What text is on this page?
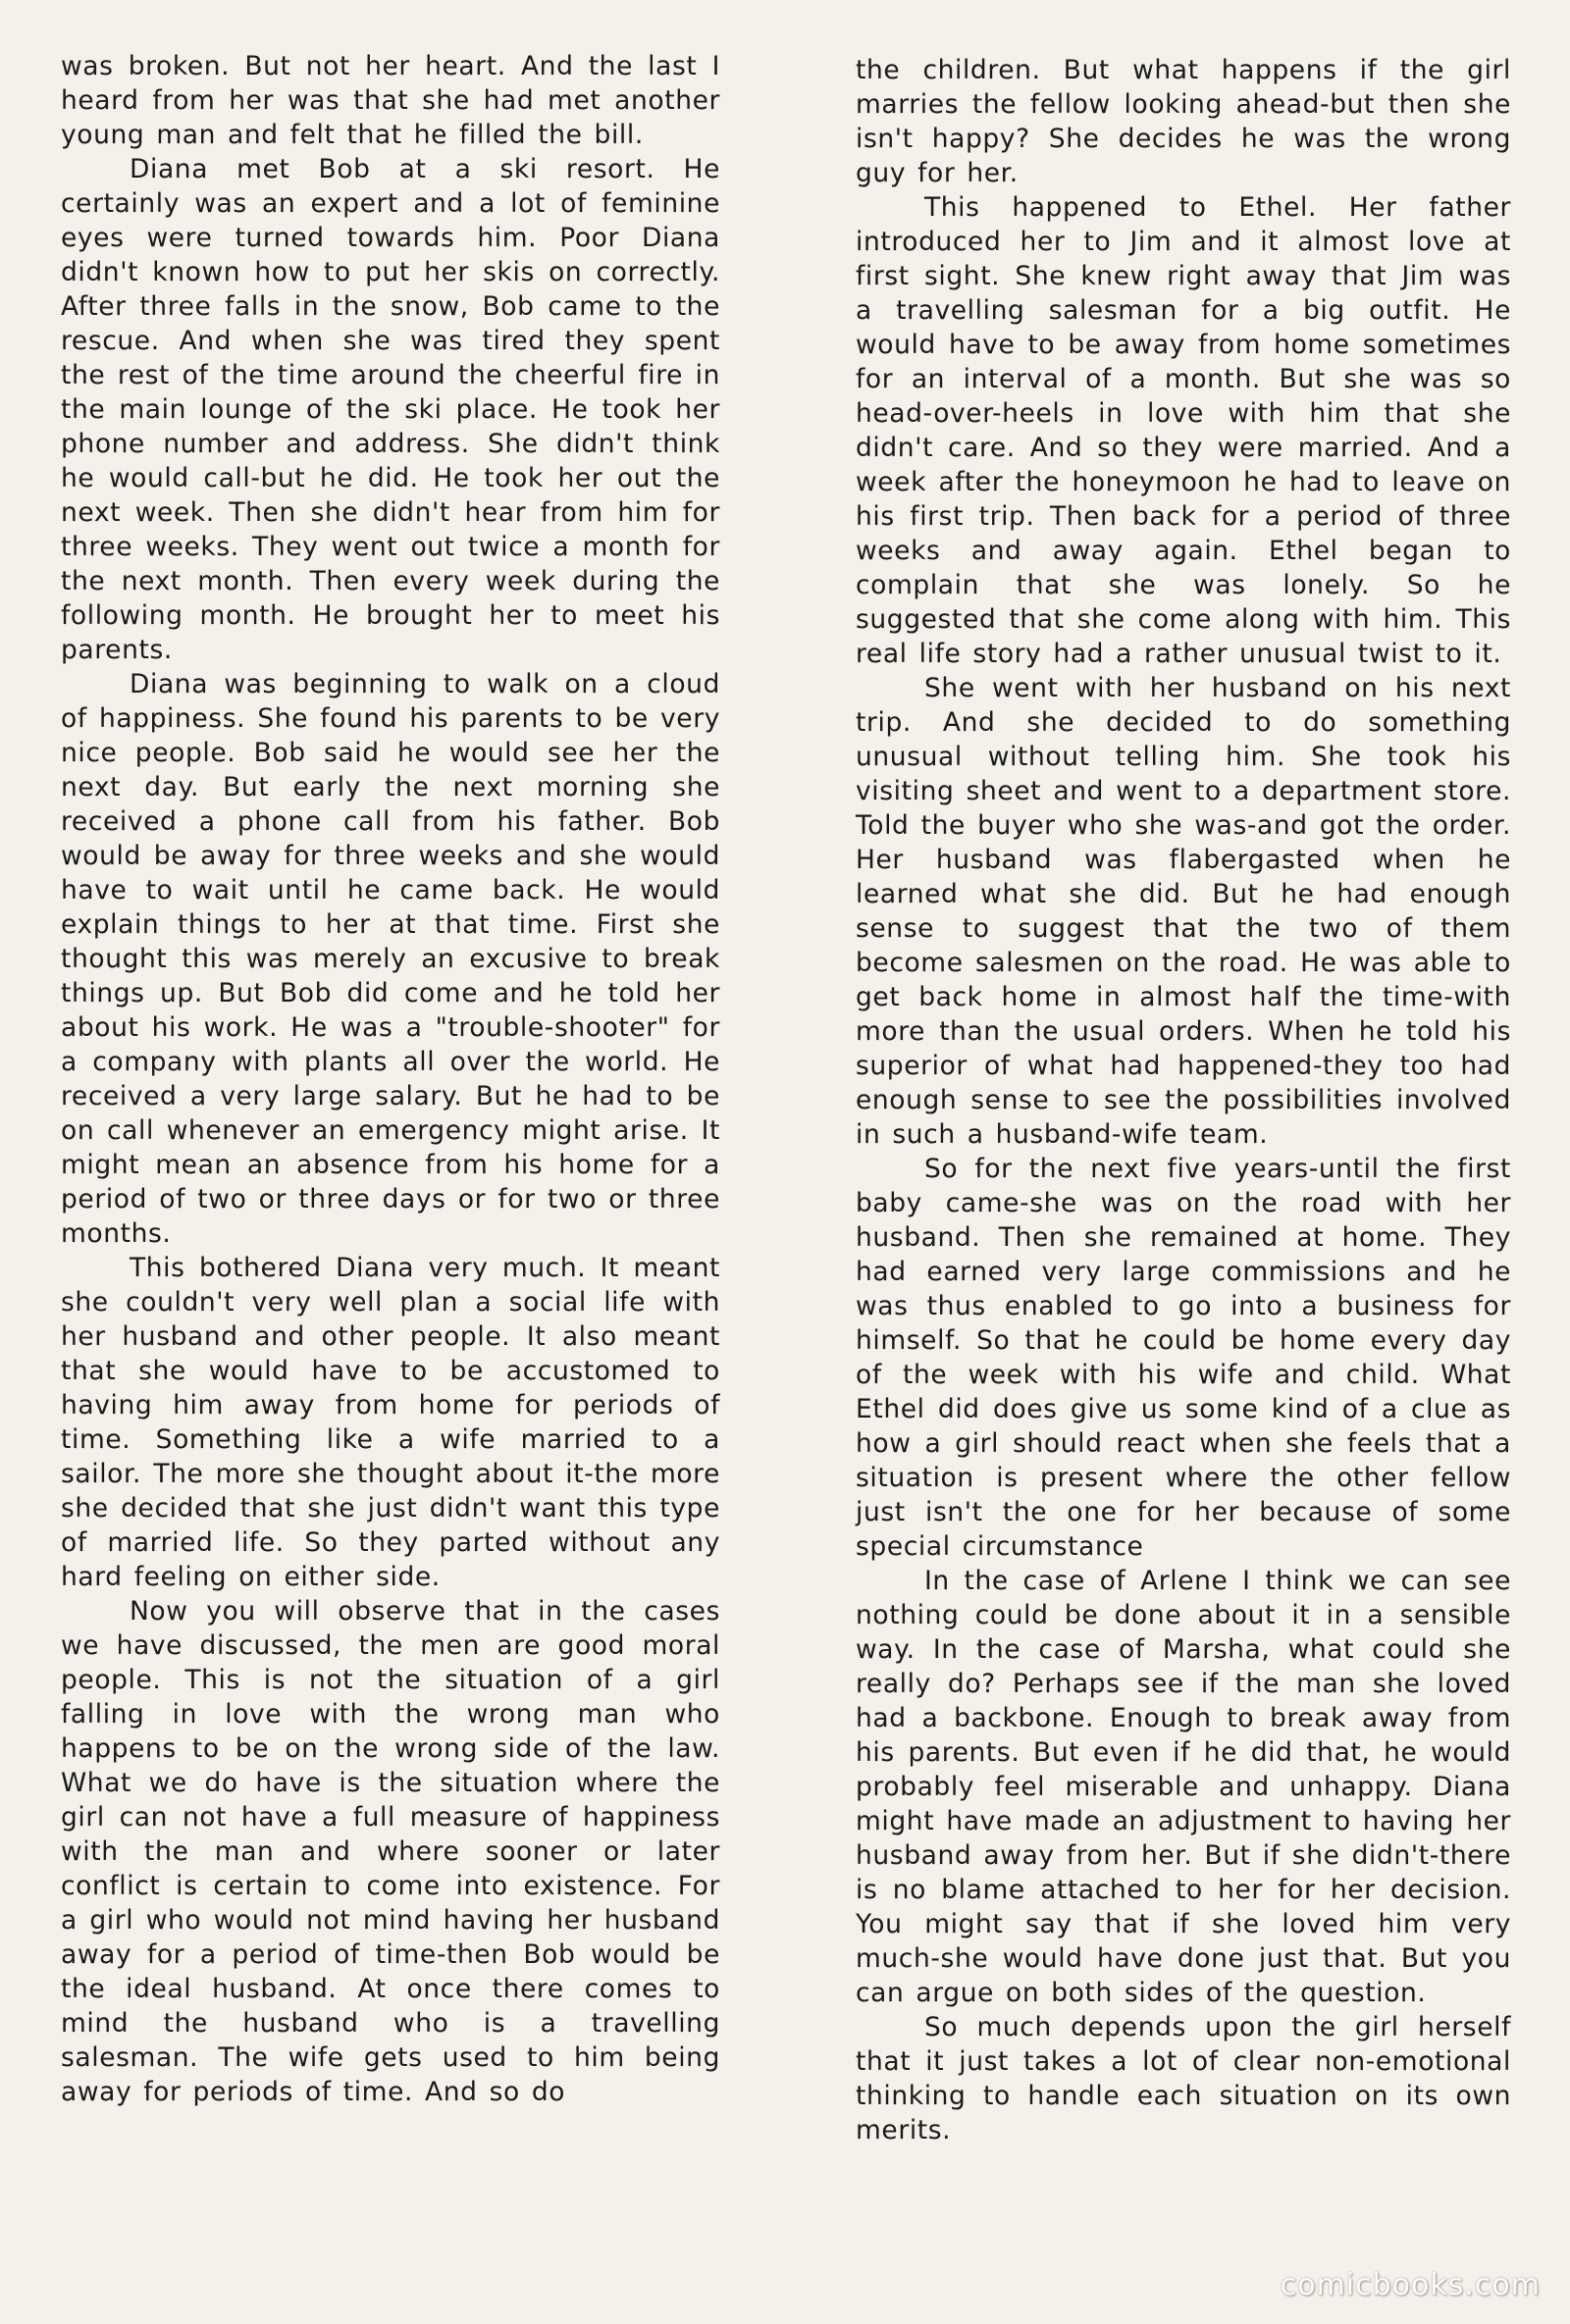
was broken. But not her heart. And the last I heard from her was that she had met another young man and felt that he filled the bill.

Diana met Bob at a ski resort. He certainly was an expert and a lot of feminine eyes were turned towards him. Poor Diana didn't known how to put her skis on correctly. After three falls in the snow, Bob came to the rescue. And when she was tired they spent the rest of the time around the cheerful fire in the main lounge of the ski place. He took her phone number and address. She didn't think he would call-but he did. He took her out the next week. Then she didn't hear from him for three weeks. They went out twice a month for the next month. Then every week during the following month. He brought her to meet his parents.

Diana was beginning to walk on a cloud of happiness. She found his parents to be very nice people. Bob said he would see her the next day. But early the next morning she received a phone call from his father. Bob would be away for three weeks and she would have to wait until he came back. He would explain things to her at that time. First she thought this was merely an excusive to break things up. But Bob did come and he told her about his work. He was a "trouble-shooter" for a company with plants all over the world. He received a very large salary. But he had to be on call whenever an emergency might arise. It might mean an absence from his home for a period of two or three days or for two or three months.

This bothered Diana very much. It meant she couldn't very well plan a social life with her husband and other people. It also meant that she would have to be accustomed to having him away from home for periods of time. Something like a wife married to a sailor. The more she thought about it-the more she decided that she just didn't want this type of married life. So they parted without any hard feeling on either side.

Now you will observe that in the cases we have discussed, the men are good moral people. This is not the situation of a girl falling in love with the wrong man who happens to be on the wrong side of the law. What we do have is the situation where the girl can not have a full measure of happiness with the man and where sooner or later conflict is certain to come into existence. For a girl who would not mind having her husband away for a period of time-then Bob would be the ideal husband. At once there comes to mind the husband who is a travelling salesman. The wife gets used to him being away for periods of time. And so do

the children. But what happens if the girl marries the fellow looking ahead-but then she isn't happy? She decides he was the wrong guy for her.

This happened to Ethel. Her father introduced her to Jim and it almost love at first sight. She knew right away that Jim was a travelling salesman for a big outfit. He would have to be away from home sometimes for an interval of a month. But she was so head-over-heels in love with him that she didn't care. And so they were married. And a week after the honeymoon he had to leave on his first trip. Then back for a period of three weeks and away again. Ethel began to complain that she was lonely. So he suggested that she come along with him. This real life story had a rather unusual twist to it.

She went with her husband on his next trip. And she decided to do something unusual without telling him. She took his visiting sheet and went to a department store. Told the buyer who she was-and got the order. Her husband was flabergasted when he learned what she did. But he had enough sense to suggest that the two of them become salesmen on the road. He was able to get back home in almost half the time-with more than the usual orders. When he told his superior of what had happened-they too had enough sense to see the possibilities involved in such a husband-wife team.

So for the next five years-until the first baby came-she was on the road with her husband. Then she remained at home. They had earned very large commissions and he was thus enabled to go into a business for himself. So that he could be home every day of the week with his wife and child. What Ethel did does give us some kind of a clue as how a girl should react when she feels that a situation is present where the other fellow just isn't the one for her because of some special circumstance

In the case of Arlene I think we can see nothing could be done about it in a sensible way. In the case of Marsha, what could she really do? Perhaps see if the man she loved had a backbone. Enough to break away from his parents. But even if he did that, he would probably feel miserable and unhappy. Diana might have made an adjustment to having her husband away from her. But if she didn't-there is no blame attached to her for her decision. You might say that if she loved him very much-she would have done just that. But you can argue on both sides of the question.

So much depends upon the girl herself that it just takes a lot of clear non-emotional thinking to handle each situation on its own merits.

comicbooks.com
